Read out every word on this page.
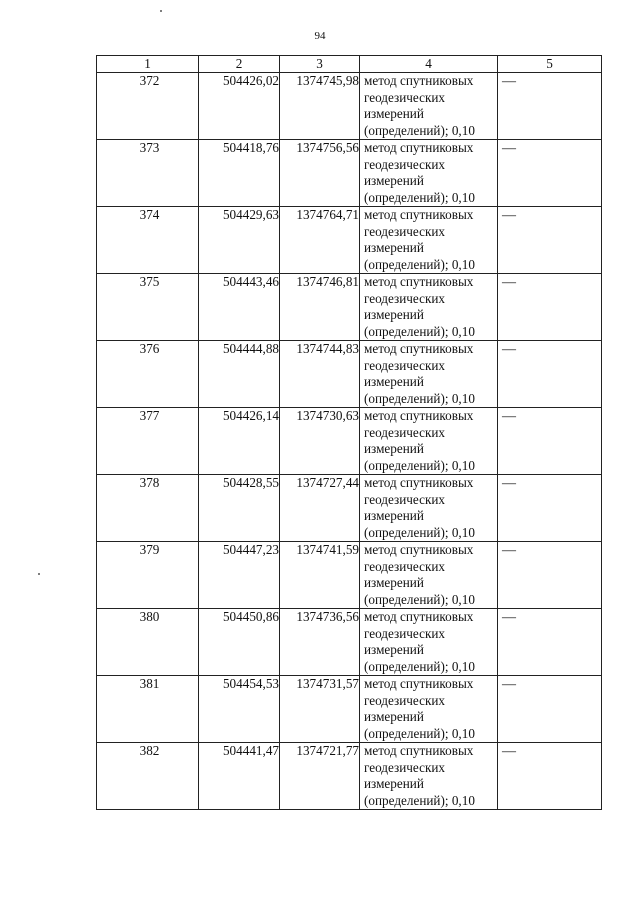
94
1	2	3	4	5
372	504426,02	1374745,98	метод спутниковых геодезических измерений (определений); 0,10	—
373	504418,76	1374756,56	метод спутниковых геодезических измерений (определений); 0,10	—
374	504429,63	1374764,71	метод спутниковых геодезических измерений (определений); 0,10	—
375	504443,46	1374746,81	метод спутниковых геодезических измерений (определений); 0,10	—
376	504444,88	1374744,83	метод спутниковых геодезических измерений (определений); 0,10	—
377	504426,14	1374730,63	метод спутниковых геодезических измерений (определений); 0,10	—
378	504428,55	1374727,44	метод спутниковых геодезических измерений (определений); 0,10	—
379	504447,23	1374741,59	метод спутниковых геодезических измерений (определений); 0,10	—
380	504450,86	1374736,56	метод спутниковых геодезических измерений (определений); 0,10	—
381	504454,53	1374731,57	метод спутниковых геодезических измерений (определений); 0,10	—
382	504441,47	1374721,77	метод спутниковых геодезических измерений (определений); 0,10	—
